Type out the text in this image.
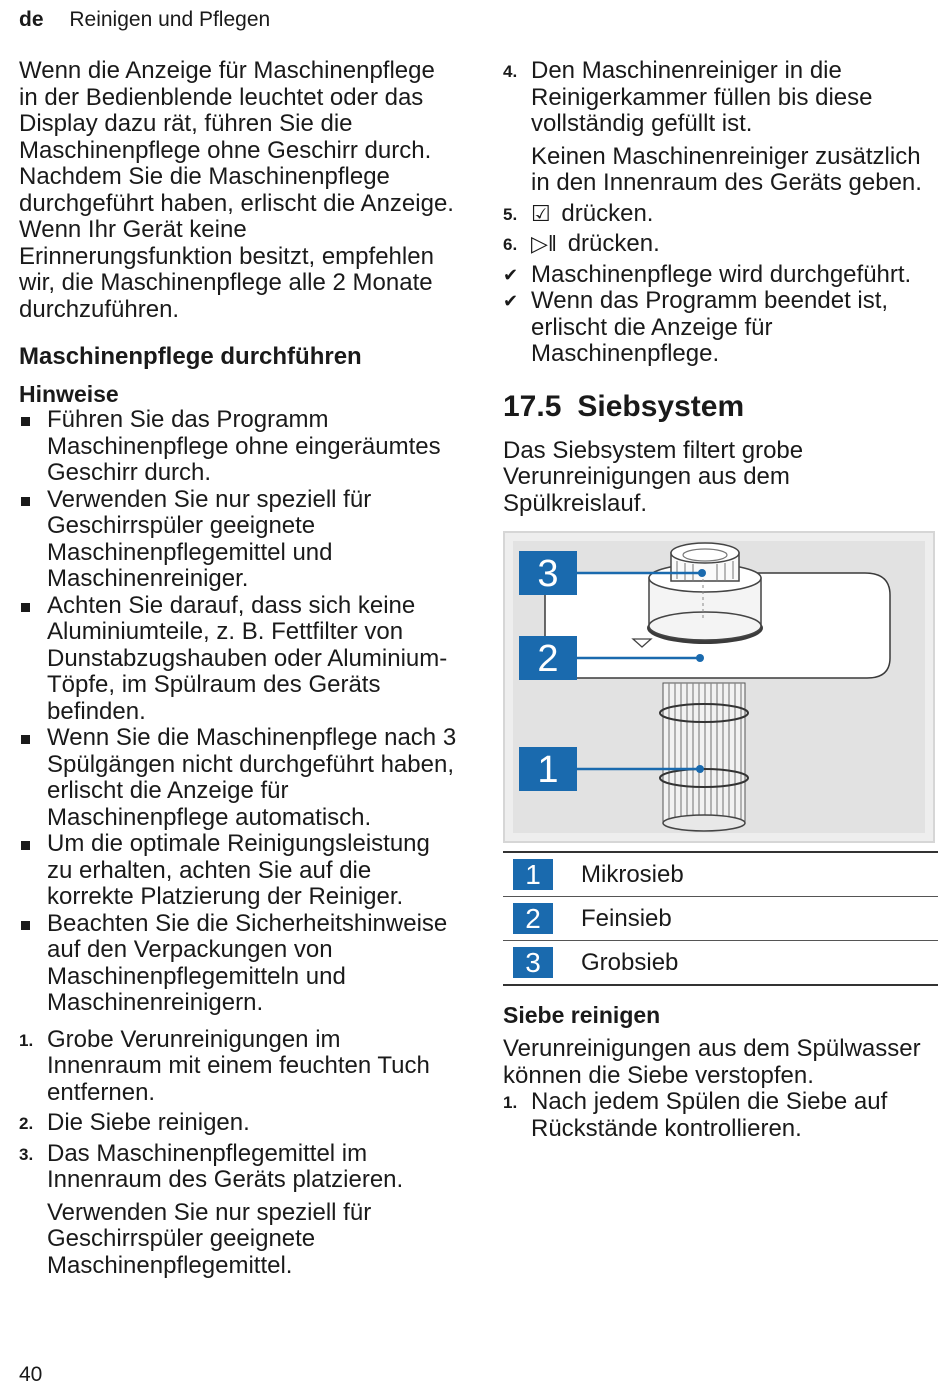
de Reinigen und Pflegen

Wenn die Anzeige für Maschinenpflege in der Bedienblende leuchtet oder das Display dazu rät, führen Sie die Maschinenpflege ohne Geschirr durch. Nachdem Sie die Maschinenpflege durchgeführt haben, erlischt die Anzeige. Wenn Ihr Gerät keine Erinnerungsfunktion besitzt, empfehlen wir, die Maschinenpflege alle 2 Monate durchzuführen.

Maschinenpflege durchführen
Hinweise
Führen Sie das Programm Maschinenpflege ohne eingeräumtes Geschirr durch.
Verwenden Sie nur speziell für Geschirrspüler geeignete Maschinenpflegemittel und Maschinenreiniger.
Achten Sie darauf, dass sich keine Aluminiumteile, z. B. Fettfilter von Dunstabzugshauben oder Aluminium-Töpfe, im Spülraum des Geräts befinden.
Wenn Sie die Maschinenpflege nach 3 Spülgängen nicht durchgeführt haben, erlischt die Anzeige für Maschinenpflege automatisch.
Um die optimale Reinigungsleistung zu erhalten, achten Sie auf die korrekte Platzierung der Reiniger.
Beachten Sie die Sicherheitshinweise auf den Verpackungen von Maschinenpflegemitteln und Maschinenreinigern.
1. Grobe Verunreinigungen im Innenraum mit einem feuchten Tuch entfernen.
2. Die Siebe reinigen.
3. Das Maschinenpflegemittel im Innenraum des Geräts platzieren.

Verwenden Sie nur speziell für Geschirrspüler geeignete Maschinenpflegemittel.

4. Den Maschinenreiniger in die Reinigerkammer füllen bis diese vollständig gefüllt ist.

Keinen Maschinenreiniger zusätzlich in den Innenraum des Geräts geben.

5. ☑ drücken.
6. ▷‖ drücken.
✔ Maschinenpflege wird durchgeführt.
✔ Wenn das Programm beendet ist, erlischt die Anzeige für Maschinenpflege.
17.5 Siebsystem

Das Siebsystem filtert grobe Verunreinigungen aus dem Spülkreislauf.

3
2
1
1	Mikrosieb
2	Feinsieb
3	Grobsieb
Siebe reinigen

Verunreinigungen aus dem Spülwasser können die Siebe verstopfen.

1. Nach jedem Spülen die Siebe auf Rückstände kontrollieren.
40
